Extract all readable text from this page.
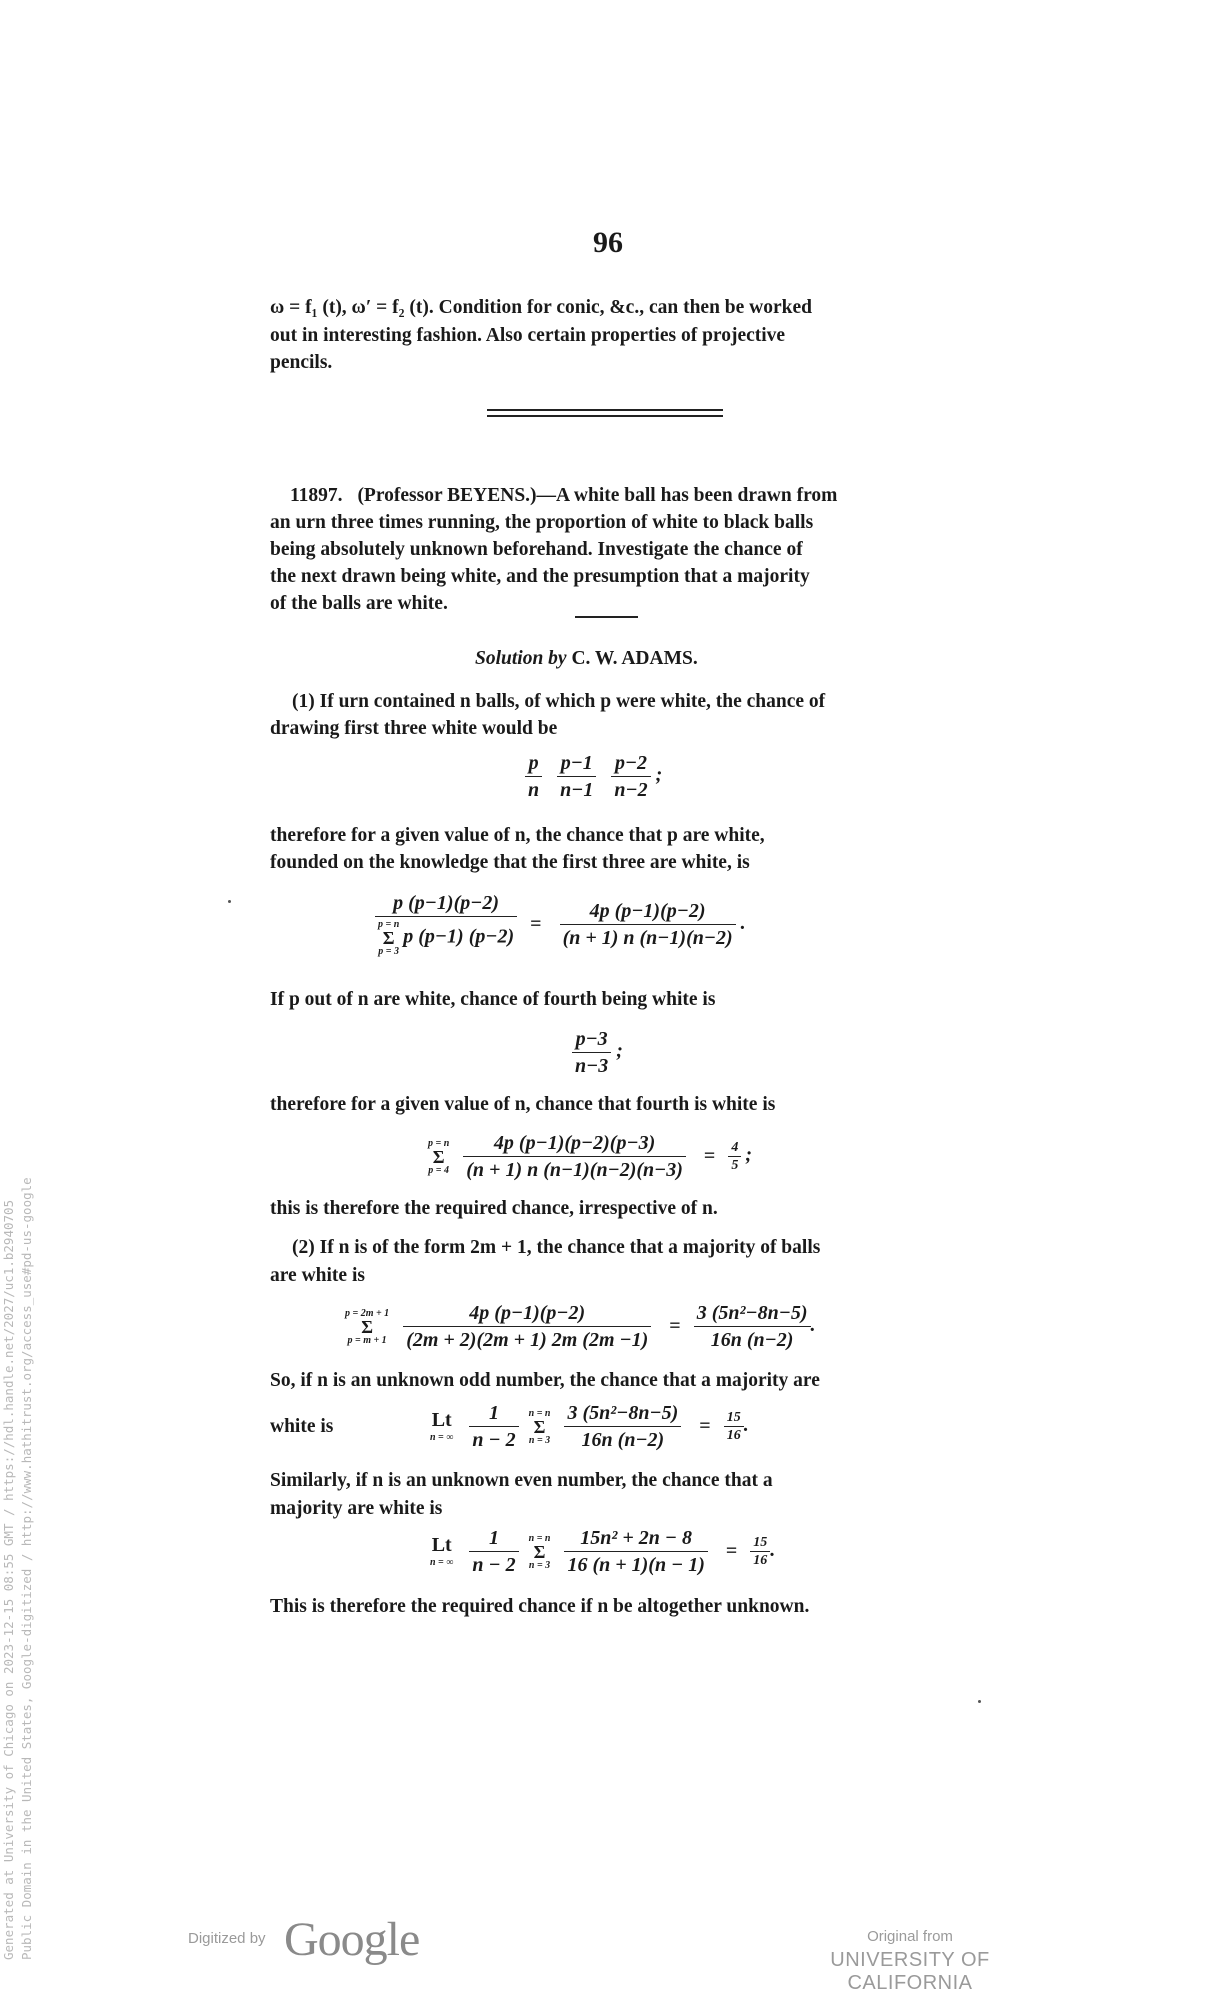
96
ω = f₁ (t), ω′ = f₂ (t). Condition for conic, &c., can then be worked
out in interesting fashion. Also certain properties of projective
pencils.
11897. (Professor BEYENS.)—A white ball has been drawn from
an urn three times running, the proportion of white to black balls
being absolutely unknown beforehand. Investigate the chance of
the next drawn being white, and the presumption that a majority
of the balls are white.
Solution by C. W. ADAMS.
(1) If urn contained n balls, of which p were white, the chance of
drawing first three white would be
$\frac{p}{n}$
$\frac{p-1}{n-1}$
$\frac{p-2}{n-2}$ ;
therefore for a given value of n, the chance that p are white,
founded on the knowledge that the first three are white, is
p (p−1)(p−2)
p = n
Σ
p = 3p (p−1) $(p-2) = \frac{4p (p-1)(p-2)}{(n + 1) n (n-1)(n-2)}$ .
If p out of n are white, chance of fourth being white is
$\frac{p-3}{n-3}$ ;
therefore for a given value of n, chance that fourth is white is
p = n
Σ
$p = 4 \frac{4p (p-1)(p-2)(p-3)}{(n + 1) n (n-1)(n-2)(n-3)} = \frac{4}{5}$ ;
this is therefore the required chance, irrespective of n.
(2) If n is of the form 2m + 1, the chance that a majority of balls
are white is
p = 2m + 1
Σ
$p = m + 1 \frac{4p (p-1)(p-2)}{(2m + 2)(2m + 1) 2m (2m -1)} = \frac{\text{3 (5n²−8n−5)}}{16n (n-2)}$ .
So, if n is an unknown odd number, the chance that a majority are
white is	Lt
n = ∞
$\frac{1}{n - 2}$ n = n
Σ
$n = 3 \frac{\text{3 (5n²−8n−5)}}{16n (n-2)} = \frac{15}{16}$ .
Similarly, if n is an unknown even number, the chance that a
majority are white is
Lt
n = ∞
$\frac{1}{n - 2}$ n = n
Σ
$n = 3 \frac{\text{15n² + 2n − 8}}{16 (n + 1)(n - 1)} = \frac{15}{16}$ .
This is therefore the required chance if n be altogether unknown.
Generated at University of Chicago on 2023-12-15 08:55 GMT / https://hdl.handle.net/2027/uc1.b2940705 Public Domain in the United States, Google-digitized / http://www.hathitrust.org/access_use#pd-us-google	Digitized by Google	Original from
UNIVERSITY OF CALIFORNIA
